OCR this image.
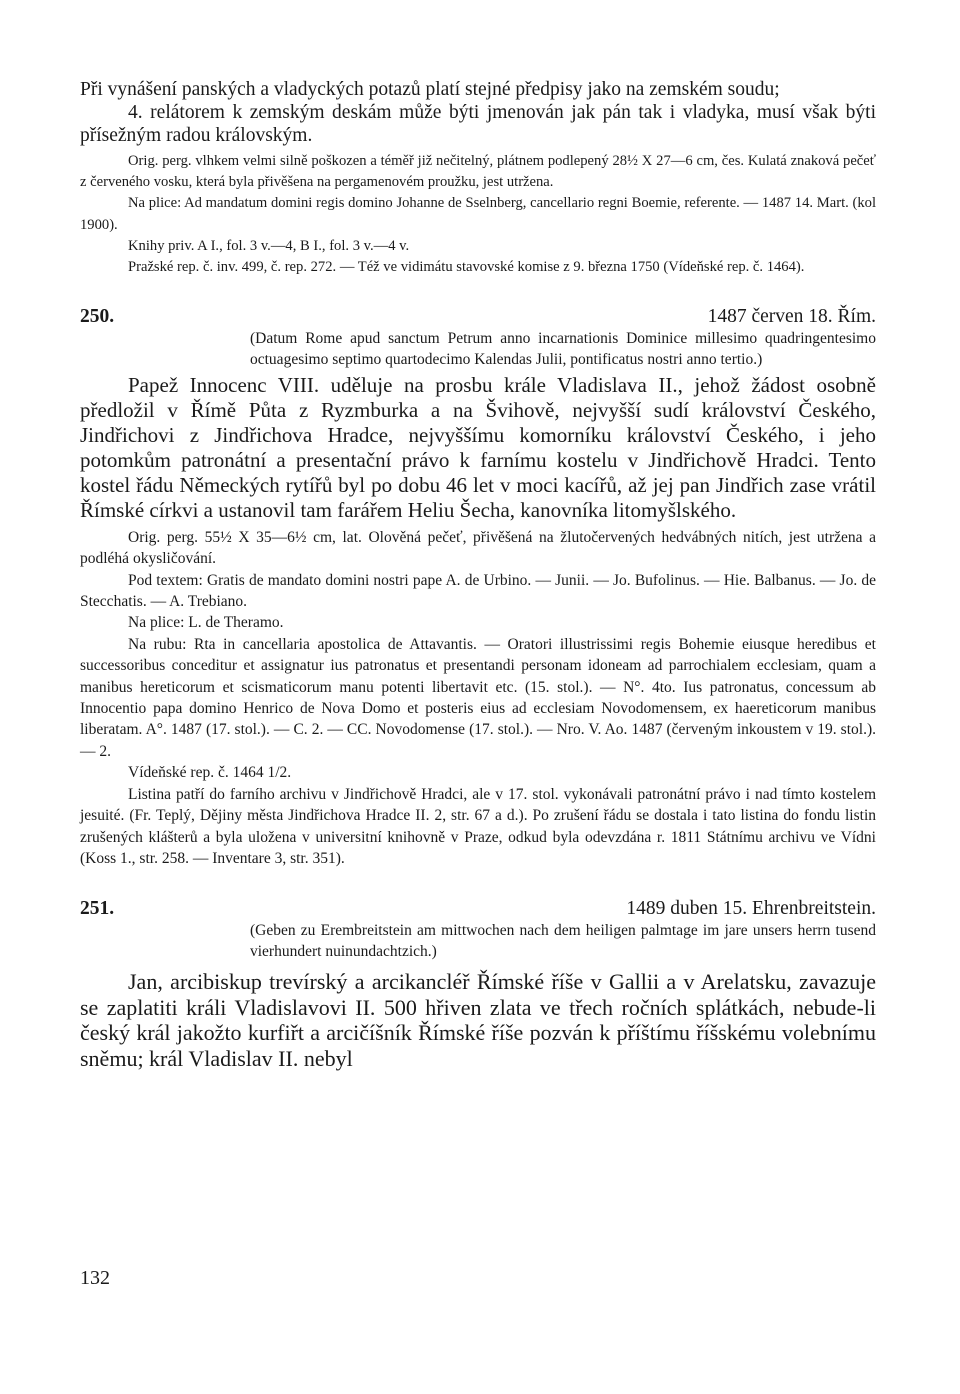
Při vynášení panských a vladyckých potazů platí stejné předpisy jako na zemském soudu;

4. relátorem k zemským deskám může býti jmenován jak pán tak i vladyka, musí však býti přísežným radou královským.

Orig. perg. vlhkem velmi silně poškozen a téměř již nečitelný, plátnem podlepený 28½ X 27—6 cm, čes. Kulatá znaková pečeť z červeného vosku, která byla přivěšena na pergamenovém proužku, jest utržena.

Na plice: Ad mandatum domini regis domino Johanne de Sselnberg, cancellario regni Boemie, referente. — 1487 14. Mart. (kol 1900).

Knihy priv. A I., fol. 3 v.—4, B I., fol. 3 v.—4 v.

Pražské rep. č. inv. 499, č. rep. 272. — Též ve vidimátu stavovské komise z 9. března 1750 (Vídeňské rep. č. 1464).

250.	1487 červen 18. Řím.

(Datum Rome apud sanctum Petrum anno incarnationis Dominice millesimo quadringentesimo octuagesimo septimo quartodecimo Kalendas Julii, pontificatus nostri anno tertio.)

Papež Innocenc VIII. uděluje na prosbu krále Vladislava II., jehož žádost osobně předložil v Římě Půta z Ryzmburka a na Švihově, nejvyšší sudí království Českého, Jindřichovi z Jindřichova Hradce, nejvyššímu komorníku království Českého, i jeho potomkům patronátní a presentační právo k farnímu kostelu v Jindřichově Hradci. Tento kostel řádu Německých rytířů byl po dobu 46 let v moci kacířů, až jej pan Jindřich zase vrátil Římské církvi a ustanovil tam farářem Heliu Šecha, kanovníka litomyšlského.

Orig. perg. 55½ X 35—6½ cm, lat. Olověná pečeť, přivěšená na žlutočervených hedvábných nitích, jest utržena a podléhá okysličování.

Pod textem: Gratis de mandato domini nostri pape A. de Urbino. — Junii. — Jo. Bufolinus. — Hie. Balbanus. — Jo. de Stecchatis. — A. Trebiano.

Na plice: L. de Theramo.

Na rubu: Rta in cancellaria apostolica de Attavantis. — Oratori illustrissimi regis Bohemie eiusque heredibus et successoribus conceditur et assignatur ius patronatus et presentandi personam idoneam ad parrochialem ecclesiam, quam a manibus hereticorum et scismaticorum manu potenti libertavit etc. (15. stol.). — N°. 4to. Ius patronatus, concessum ab Innocentio papa domino Henrico de Nova Domo et posteris eius ad ecclesiam Novodomensem, ex haereticorum manibus liberatam. A°. 1487 (17. stol.). — C. 2. — CC. Novodomense (17. stol.). — Nro. V. Ao. 1487 (červeným inkoustem v 19. stol.). — 2.

Vídeňské rep. č. 1464 1/2.

Listina patří do farního archivu v Jindřichově Hradci, ale v 17. stol. vykonávali patronátní právo i nad tímto kostelem jesuité. (Fr. Teplý, Dějiny města Jindřichova Hradce II. 2, str. 67 a d.). Po zrušení řádu se dostala i tato listina do fondu listin zrušených klášterů a byla uložena v universitní knihovně v Praze, odkud byla odevzdána r. 1811 Státnímu archivu ve Vídni (Koss 1., str. 258. — Inventare 3, str. 351).

251.	1489 duben 15. Ehrenbreitstein.

(Geben zu Erembreitstein am mittwochen nach dem heiligen palmtage im jare unsers herrn tusend vierhundert nuinundachtzich.)

Jan, arcibiskup trevírský a arcikancléř Římské říše v Gallii a v Arelatsku, zavazuje se zaplatiti králi Vladislavovi II. 500 hřiven zlata ve třech ročních splátkách, nebude-li český král jakožto kurfiřt a arcičíšník Římské říše pozván k příštímu říšskému volebnímu sněmu; král Vladislav II. nebyl

132
